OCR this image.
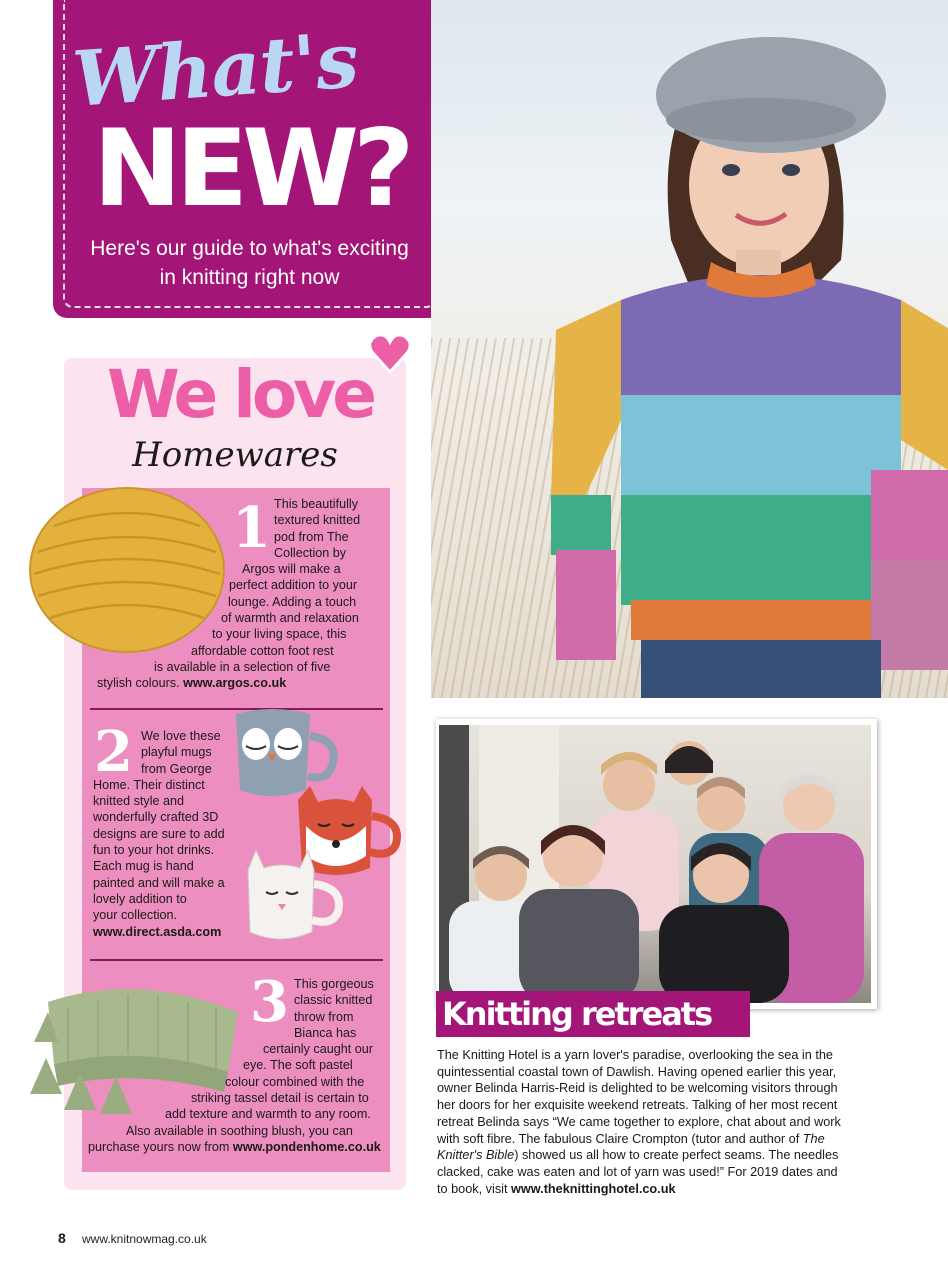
What's
NEW?
Here's our guide to what's exciting
in knitting right now
We love
Homewares
1 This beautifully
textured knitted
pod from The
Collection by
Argos will make a
perfect addition to your
lounge. Adding a touch
of warmth and relaxation
to your living space, this
affordable cotton foot rest
is available in a selection of five
stylish colours. www.argos.co.uk
2 We love these
playful mugs
from George
Home. Their distinct
knitted style and
wonderfully crafted 3D
designs are sure to add
fun to your hot drinks.
Each mug is hand
painted and will make a
lovely addition to
your collection.
www.direct.asda.com
3 This gorgeous
classic knitted
throw from
Bianca has
certainly caught our
eye. The soft pastel
colour combined with the
striking tassel detail is certain to
add texture and warmth to any room.
Also available in soothing blush, you can
purchase yours now from www.pondenhome.co.uk
Knitting retreats
The Knitting Hotel is a yarn lover's paradise, overlooking the sea in the
quintessential coastal town of Dawlish. Having opened earlier this year,
owner Belinda Harris-Reid is delighted to be welcoming visitors through
her doors for her exquisite weekend retreats. Talking of her most recent
retreat Belinda says “We came together to explore, chat about and work
with soft fibre. The fabulous Claire Crompton (tutor and author of The
Knitter's Bible) showed us all how to create perfect seams. The needles
clacked, cake was eaten and lot of yarn was used!” For 2019 dates and
to book, visit www.theknittinghotel.co.uk
8 www.knitnowmag.co.uk
